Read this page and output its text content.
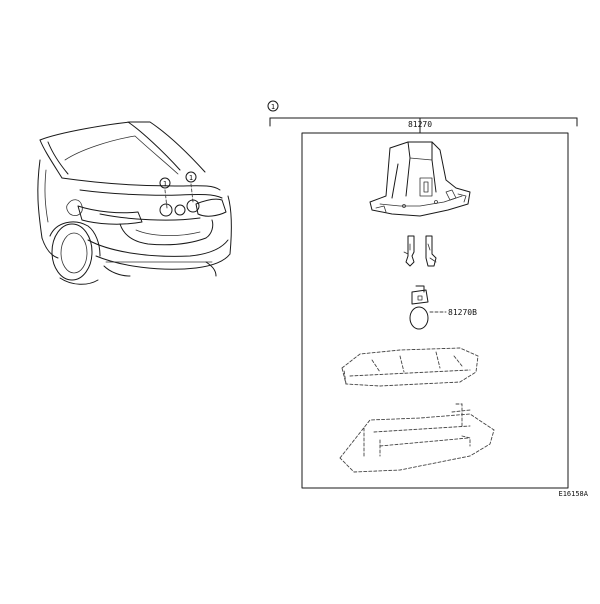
1
1
1
81270
81270B
E16158A
